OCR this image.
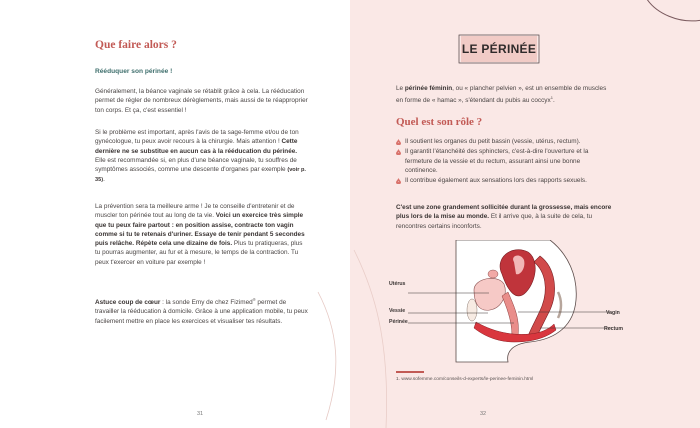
Que faire alors ?

Rééduquer son périnée !

Généralement, la béance vaginale se rétablit grâce à cela. La rééducation permet de régler de nombreux dérèglements, mais aussi de te réapproprier ton corps. Et ça, c'est essentiel !

Si le problème est important, après l'avis de ta sage-femme et/ou de ton gynécologue, tu peux avoir recours à la chirurgie. Mais attention ! Cette dernière ne se substitue en aucun cas à la rééducation du périnée. Elle est recommandée si, en plus d'une béance vaginale, tu souffres de symptômes associés, comme une descente d'organes par exemple (voir p. 35).

La prévention sera ta meilleure arme ! Je te conseille d'entretenir et de muscler ton périnée tout au long de ta vie. Voici un exercice très simple que tu peux faire partout : en position assise, contracte ton vagin comme si tu te retenais d'uriner. Essaye de tenir pendant 5 secondes puis relâche. Répète cela une dizaine de fois. Plus tu pratiqueras, plus tu pourras augmenter, au fur et à mesure, le temps de la contraction. Tu peux t'exercer en voiture par exemple !

Astuce coup de cœur : la sonde Emy de chez Fizimed® permet de travailler la rééducation à domicile. Grâce à une application mobile, tu peux facilement mettre en place les exercices et visualiser tes résultats.

31

LE PÉRINÉE

Le périnée féminin, ou « plancher pelvien », est un ensemble de muscles en forme de « hamac », s'étendant du pubis au coccyx$^1$.

Quel est son rôle ?

Il soutient les organes du petit bassin (vessie, utérus, rectum).
Il garantit l'étanchéité des sphincters, c'est-à-dire l'ouverture et la fermeture de la vessie et du rectum, assurant ainsi une bonne continence.
Il contribue également aux sensations lors des rapports sexuels.

C'est une zone grandement sollicitée durant la grossesse, mais encore plus lors de la mise au monde. Et il arrive que, à la suite de cela, tu rencontres certains inconforts.

Utérus
Vessie
Périnée
Vagin
Rectum

1. www.sofemme.com/conseils-d-experts/le-perinee-feminin.html

32
